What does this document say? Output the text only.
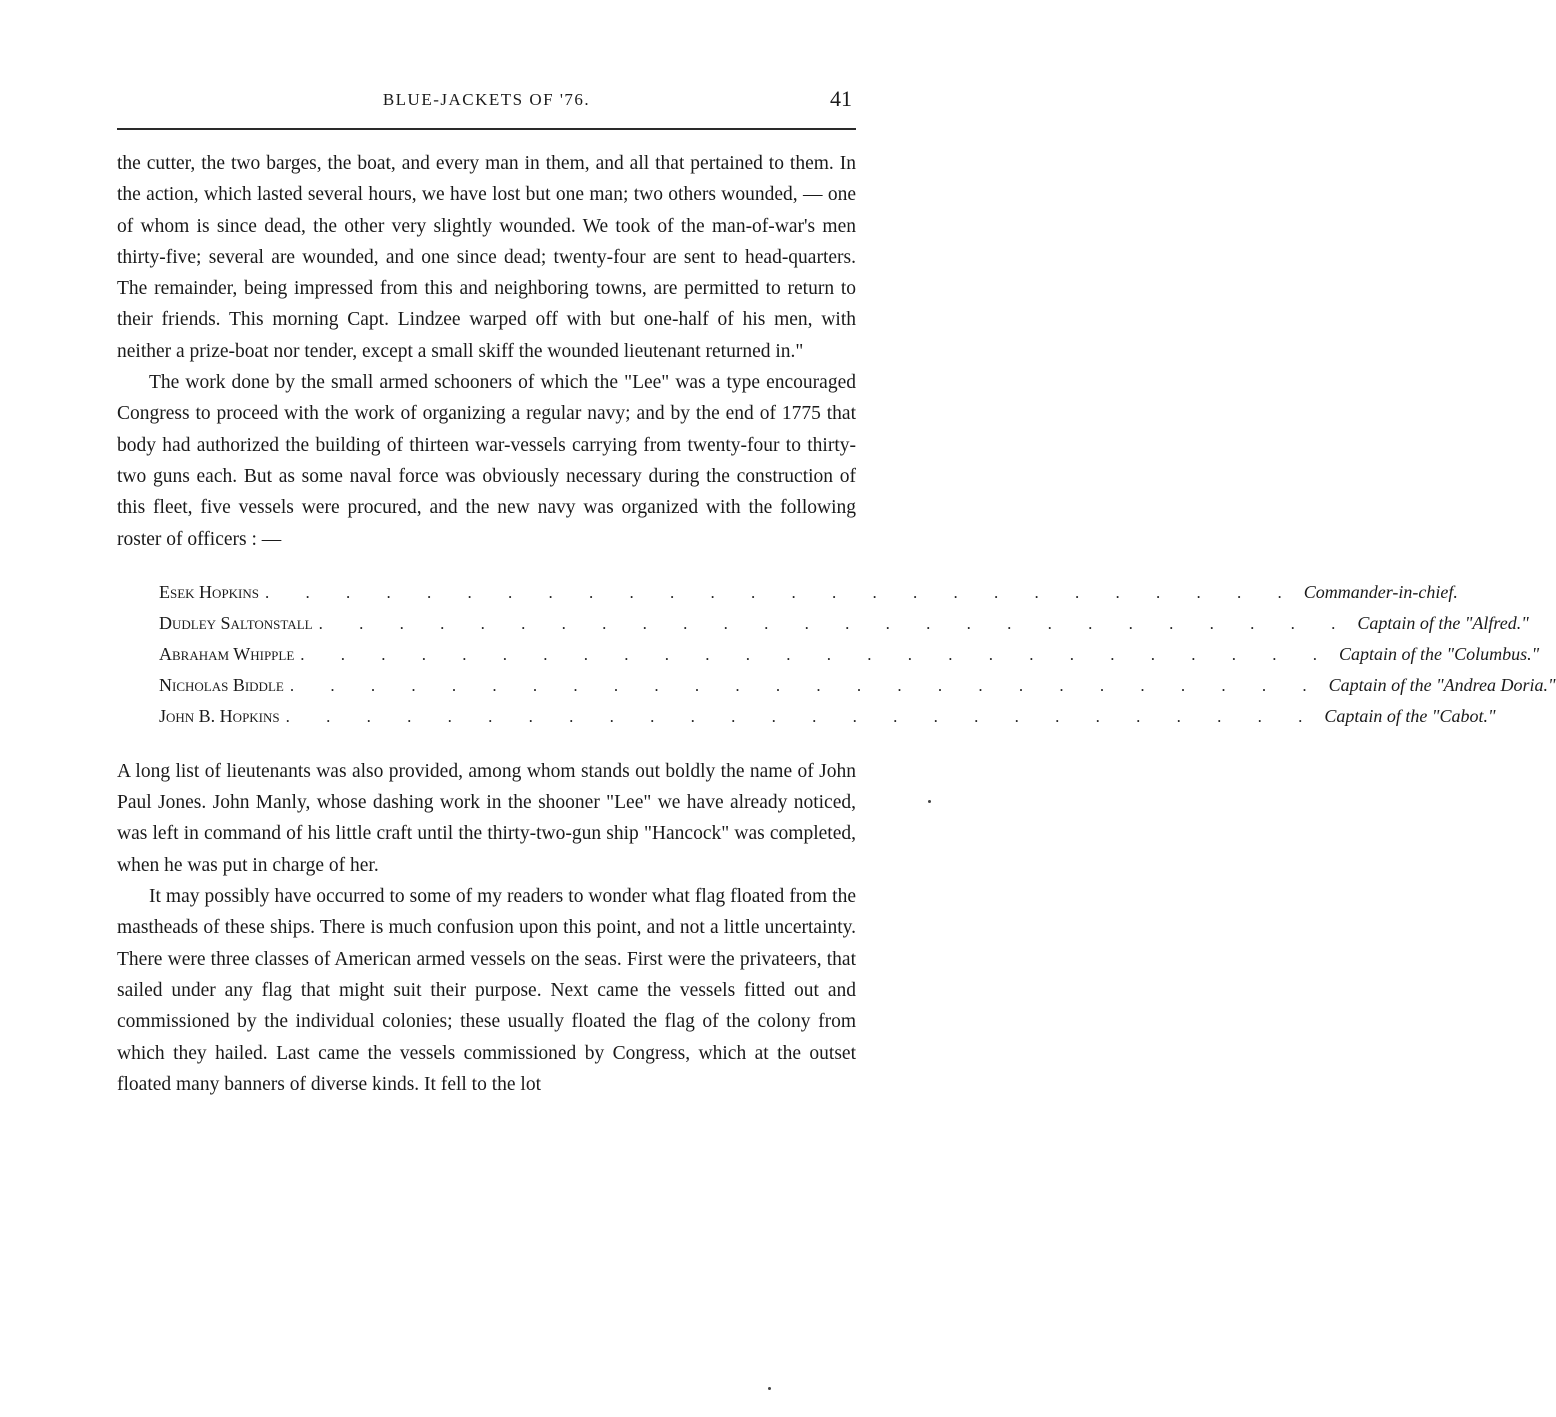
BLUE-JACKETS OF '76.	41

the cutter, the two barges, the boat, and every man in them, and all that pertained to them. In the action, which lasted several hours, we have lost but one man; two others wounded, — one of whom is since dead, the other very slightly wounded. We took of the man-of-war's men thirty-five; several are wounded, and one since dead; twenty-four are sent to head-quarters. The remainder, being impressed from this and neighboring towns, are permitted to return to their friends. This morning Capt. Lindzee warped off with but one-half of his men, with neither a prize-boat nor tender, except a small skiff the wounded lieutenant returned in."

The work done by the small armed schooners of which the "Lee" was a type encouraged Congress to proceed with the work of organizing a regular navy; and by the end of 1775 that body had authorized the building of thirteen war-vessels carrying from twenty-four to thirty-two guns each. But as some naval force was obviously necessary during the construction of this fleet, five vessels were procured, and the new navy was organized with the following roster of officers : —

Esek Hopkins . . . . . . . . . . . . . . . . . . . . . . . . . . Commander-in-chief.
Dudley Saltonstall . . . . . . . . . . . . . . . . . . . . . . . . . . Captain of the "Alfred."
Abraham Whipple . . . . . . . . . . . . . . . . . . . . . . . . . . Captain of the "Columbus."
Nicholas Biddle . . . . . . . . . . . . . . . . . . . . . . . . . . Captain of the "Andrea Doria."
John B. Hopkins . . . . . . . . . . . . . . . . . . . . . . . . . . Captain of the "Cabot."

A long list of lieutenants was also provided, among whom stands out boldly the name of John Paul Jones. John Manly, whose dashing work in the shooner "Lee" we have already noticed, was left in command of his little craft until the thirty-two-gun ship "Hancock" was completed, when he was put in charge of her.

It may possibly have occurred to some of my readers to wonder what flag floated from the mastheads of these ships. There is much confusion upon this point, and not a little uncertainty. There were three classes of American armed vessels on the seas. First were the privateers, that sailed under any flag that might suit their purpose. Next came the vessels fitted out and commissioned by the individual colonies; these usually floated the flag of the colony from which they hailed. Last came the vessels commissioned by Congress, which at the outset floated many banners of diverse kinds. It fell to the lot
